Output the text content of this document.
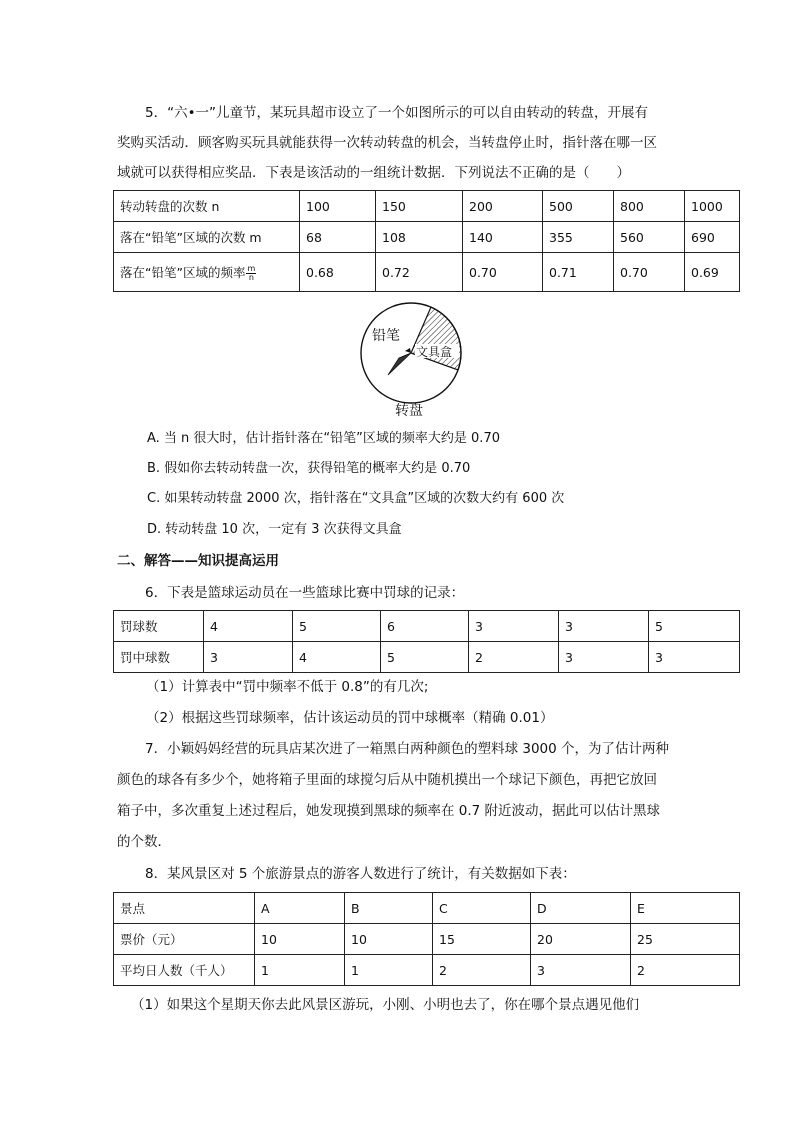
5．“六•一”儿童节，某玩具超市设立了一个如图所示的可以自由转动的转盘，开展有
奖购买活动．顾客购买玩具就能获得一次转动转盘的机会，当转盘停止时，指针落在哪一区
域就可以获得相应奖品．下表是该活动的一组统计数据．下列说法不正确的是（　　）
转动转盘的次数 n	100	150	200	500	800	1000
落在“铅笔”区域的次数 m	68	108	140	355	560	690
落在“铅笔”区域的频率 $\frac{m}{n}$	0.68	0.72	0.70	0.71	0.70	0.69
铅笔
文具盒
转盘
A. 当 n 很大时，估计指针落在“铅笔”区域的频率大约是 0.70
B. 假如你去转动转盘一次，获得铅笔的概率大约是 0.70
C. 如果转动转盘 2000 次，指针落在“文具盒”区域的次数大约有 600 次
D. 转动转盘 10 次，一定有 3 次获得文具盒
二、解答——知识提高运用
6．下表是篮球运动员在一些篮球比赛中罚球的记录：
罚球数	4	5	6	3	3	5
罚中球数	3	4	5	2	3	3
（1）计算表中“罚中频率不低于 0.8”的有几次;
（2）根据这些罚球频率，估计该运动员的罚中球概率（精确 0.01）
7．小颖妈妈经营的玩具店某次进了一箱黑白两种颜色的塑料球 3000 个，为了估计两种
颜色的球各有多少个，她将箱子里面的球搅匀后从中随机摸出一个球记下颜色，再把它放回
箱子中，多次重复上述过程后，她发现摸到黑球的频率在 0.7 附近波动，据此可以估计黑球
的个数．
8．某风景区对 5 个旅游景点的游客人数进行了统计，有关数据如下表：
景点	A	B	C	D	E
票价（元）	10	10	15	20	25
平均日人数（千人）	1	1	2	3	2
（1）如果这个星期天你去此风景区游玩，小刚、小明也去了，你在哪个景点遇见他们
